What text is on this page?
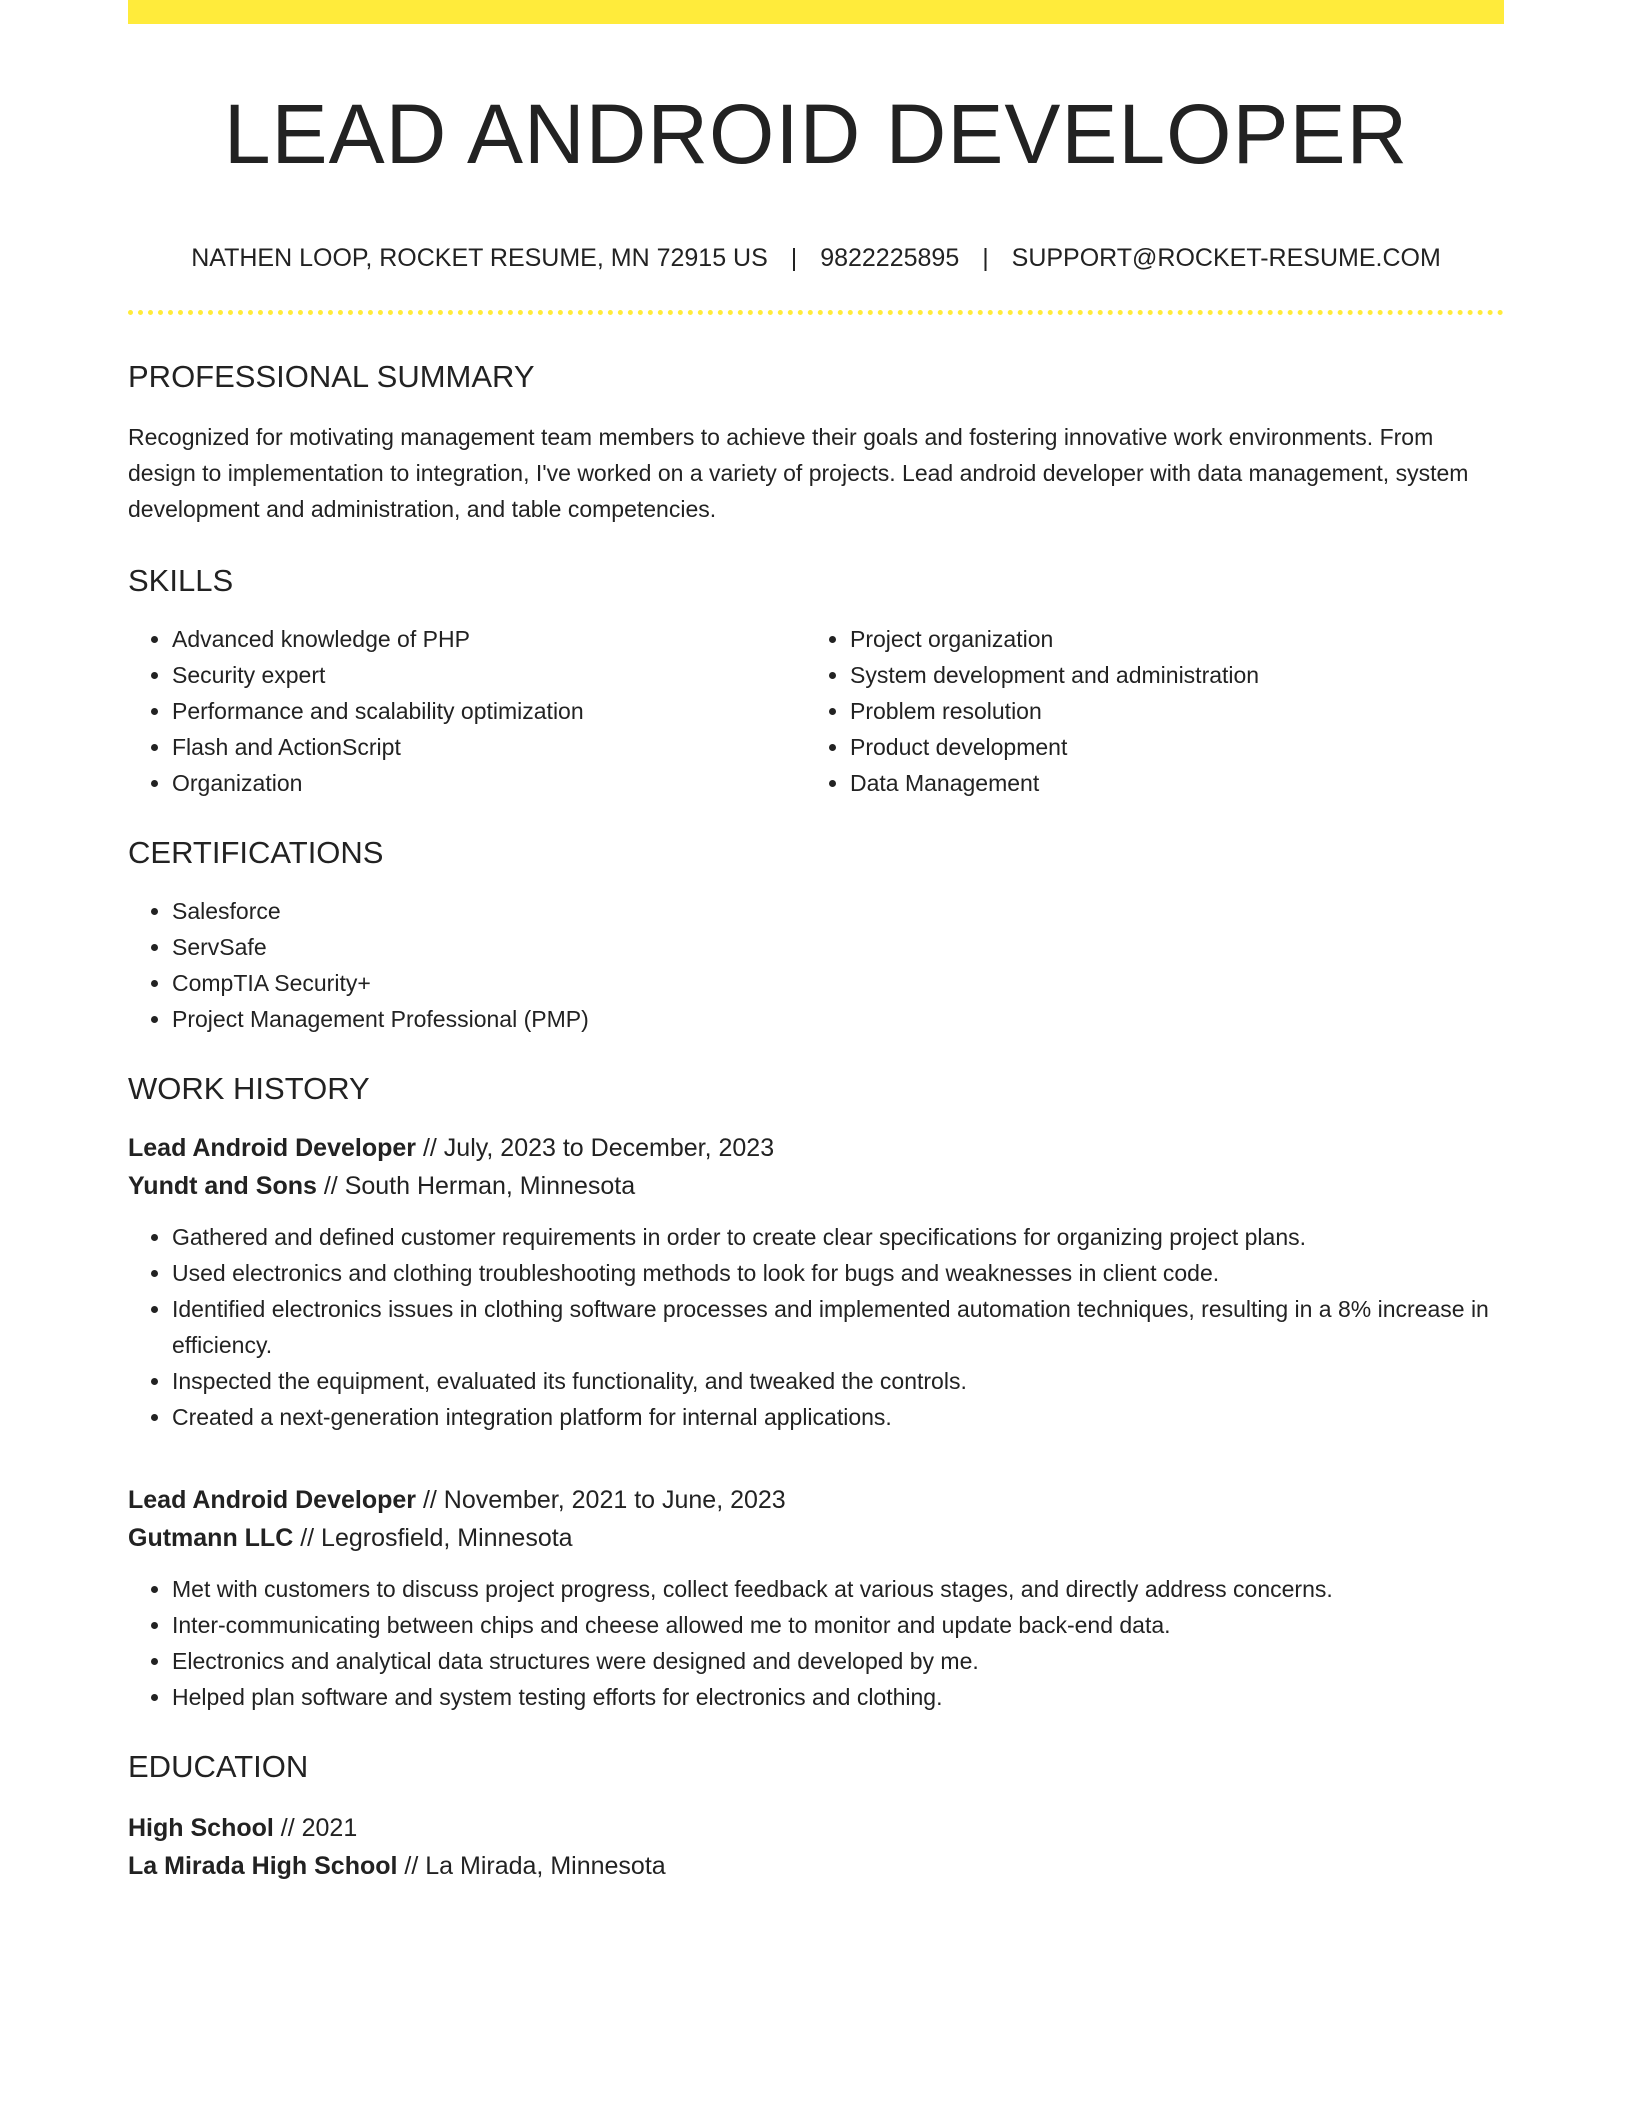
LEAD ANDROID DEVELOPER
NATHEN LOOP, ROCKET RESUME, MN 72915 US | 9822225895 | SUPPORT@ROCKET-RESUME.COM
PROFESSIONAL SUMMARY

Recognized for motivating management team members to achieve their goals and fostering innovative work environments. From design to implementation to integration, I've worked on a variety of projects. Lead android developer with data management, system development and administration, and table competencies.

SKILLS
• Advanced knowledge of PHP
• Security expert
• Performance and scalability optimization
• Flash and ActionScript
• Organization
• Project organization
• System development and administration
• Problem resolution
• Product development
• Data Management
CERTIFICATIONS
• Salesforce
• ServSafe
• CompTIA Security+
• Project Management Professional (PMP)
WORK HISTORY
Lead Android Developer // July, 2023 to December, 2023
Yundt and Sons // South Herman, Minnesota
• Gathered and defined customer requirements in order to create clear specifications for organizing project plans.
• Used electronics and clothing troubleshooting methods to look for bugs and weaknesses in client code.
• Identified electronics issues in clothing software processes and implemented automation techniques, resulting in a 8% increase in efficiency.
• Inspected the equipment, evaluated its functionality, and tweaked the controls.
• Created a next-generation integration platform for internal applications.
Lead Android Developer // November, 2021 to June, 2023
Gutmann LLC // Legrosfield, Minnesota
• Met with customers to discuss project progress, collect feedback at various stages, and directly address concerns.
• Inter-communicating between chips and cheese allowed me to monitor and update back-end data.
• Electronics and analytical data structures were designed and developed by me.
• Helped plan software and system testing efforts for electronics and clothing.
EDUCATION
High School // 2021
La Mirada High School // La Mirada, Minnesota
